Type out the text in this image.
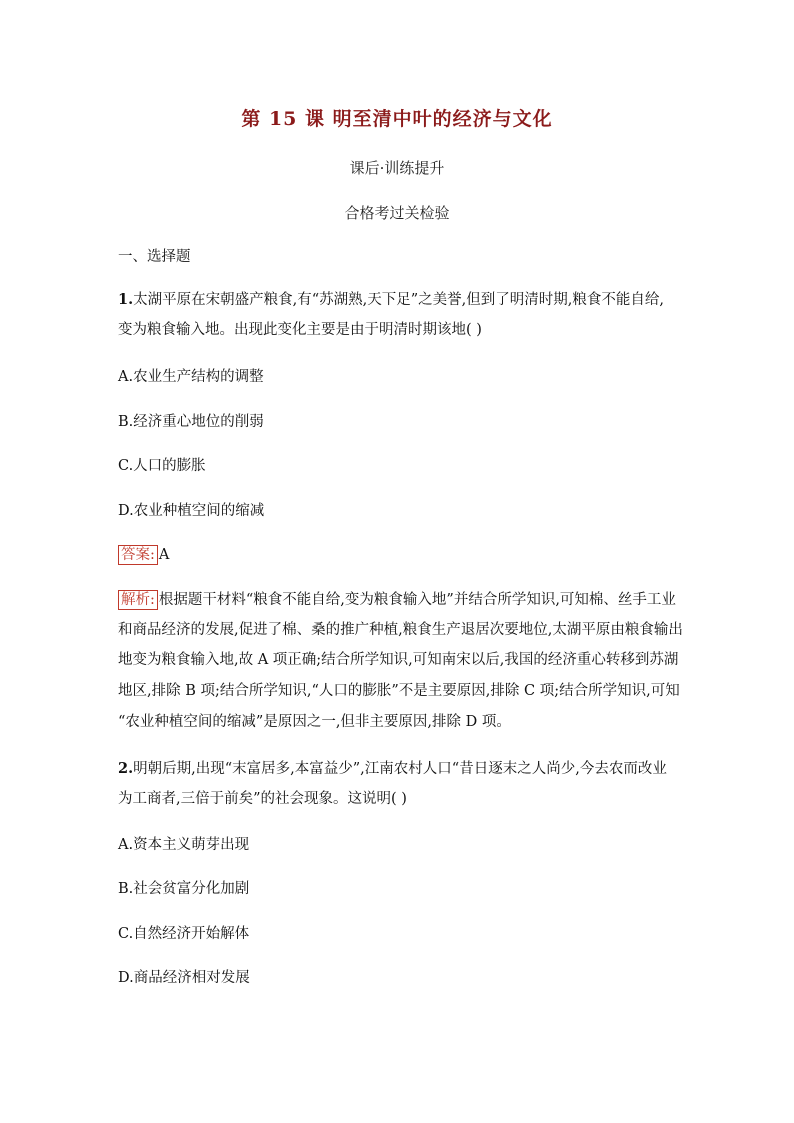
第 15 课 明至清中叶的经济与文化
课后·训练提升
合格考过关检验
一、选择题
1.太湖平原在宋朝盛产粮食,有“苏湖熟,天下足”之美誉,但到了明清时期,粮食不能自给,
变为粮食输入地。出现此变化主要是由于明清时期该地( )
A.农业生产结构的调整
B.经济重心地位的削弱
C.人口的膨胀
D.农业种植空间的缩减
答案: A
解析: 根据题干材料“粮食不能自给,变为粮食输入地”并结合所学知识,可知棉、丝手工业
和商品经济的发展,促进了棉、桑的推广种植,粮食生产退居次要地位,太湖平原由粮食输出
地变为粮食输入地,故 A 项正确;结合所学知识,可知南宋以后,我国的经济重心转移到苏湖
地区,排除 B 项;结合所学知识,“人口的膨胀”不是主要原因,排除 C 项;结合所学知识,可知
“农业种植空间的缩减”是原因之一,但非主要原因,排除 D 项。
2.明朝后期,出现“末富居多,本富益少”,江南农村人口“昔日逐末之人尚少,今去农而改业
为工商者,三倍于前矣”的社会现象。这说明( )
A.资本主义萌芽出现
B.社会贫富分化加剧
C.自然经济开始解体
D.商品经济相对发展
